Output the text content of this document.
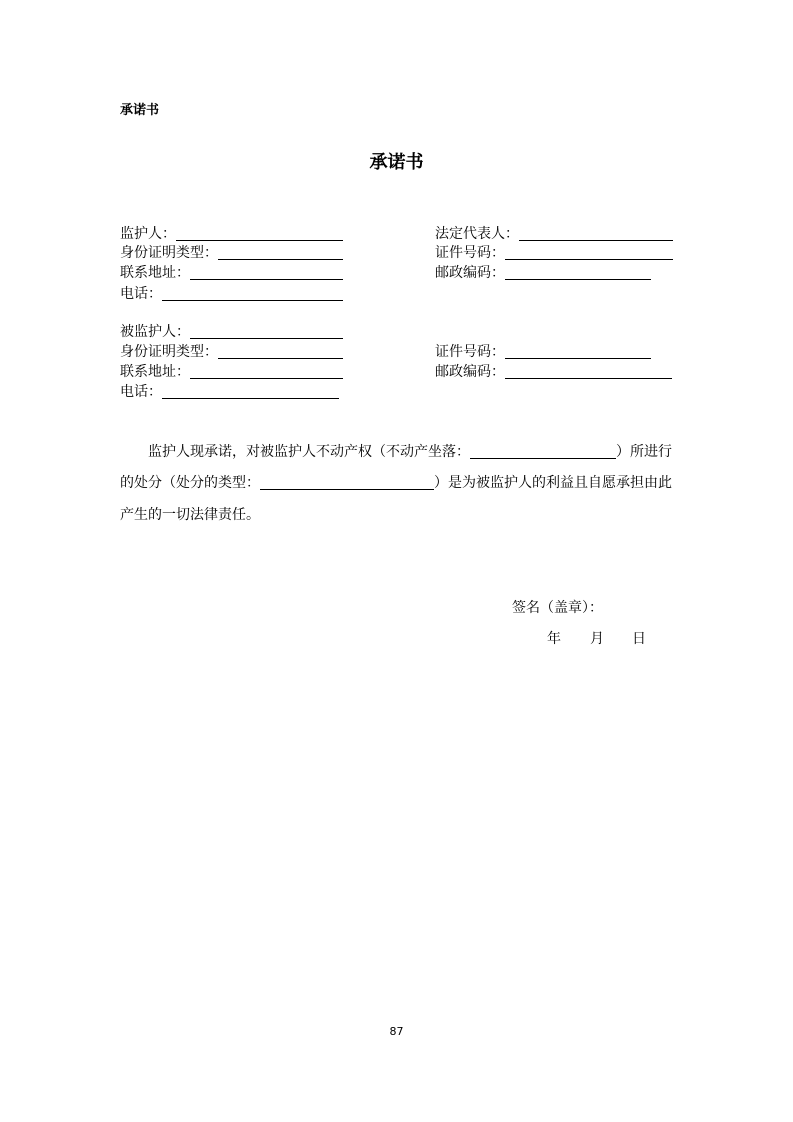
承诺书
承诺书
监护人：
身份证明类型：
联系地址：
电话：
法定代表人：
证件号码：
邮政编码：
被监护人：
身份证明类型：
联系地址：
电话：
证件号码：
邮政编码：
监护人现承诺，对被监护人不动产权（不动产坐落：	）所进行
的处分（处分的类型：	）是为被监护人的利益且自愿承担由此
产生的一切法律责任。
签名（盖章）：
年 月 日
87
